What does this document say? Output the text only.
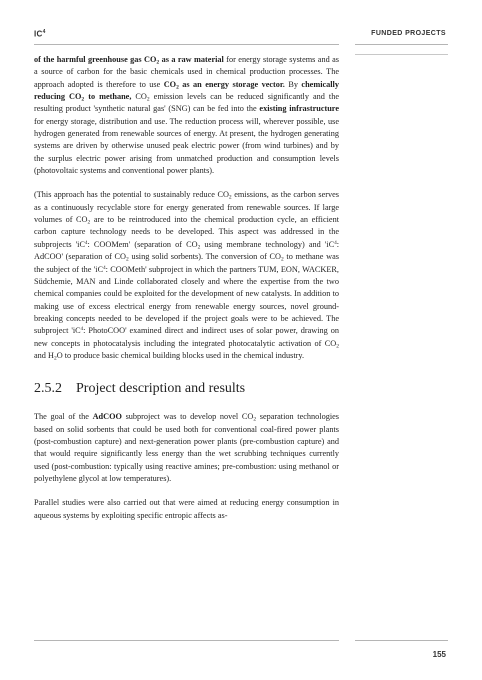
$IC^4$	FUNDED PROJECTS

of the harmful greenhouse gas $CO_2$ as a raw material for energy storage systems and as a source of carbon for the basic chemicals used in chemical production processes. The approach adopted is therefore to use $CO_2$ as an energy storage vector. By chemically reducing $CO_2$ to methane, $CO_2$ emission levels can be reduced significantly and the resulting product 'synthetic natural gas' (SNG) can be fed into the existing infrastructure for energy storage, distribution and use. The reduction process will, wherever possible, use hydrogen generated from renewable sources of energy. At present, the hydrogen generating systems are driven by otherwise unused peak electric power (from wind turbines) and by the surplus electric power arising from unmatched production and consumption levels (photovoltaic systems and conventional power plants).

(This approach has the potential to sustainably reduce $CO_2$ emissions, as the carbon serves as a continuously recyclable store for energy generated from renewable sources. If large volumes of $CO_2$ are to be reintroduced into the chemical production cycle, an efficient carbon capture technology needs to be developed. This aspect was addressed in the subprojects '$iC^4$: COOMem' (separation of $CO_2$ using membrane technology) and '$iC^4$: AdCOO' (separation of $CO_2$ using solid sorbents). The conversion of $CO_2$ to methane was the subject of the '$iC^4$: COOMeth' subproject in which the partners TUM, EON, WACKER, Südchemie, MAN and Linde collaborated closely and where the expertise from the two chemical companies could be exploited for the development of new catalysts. In addition to making use of excess electrical energy from renewable energy sources, novel ground-breaking concepts needed to be developed if the project goals were to be achieved. The subproject '$iC^4$: PhotoCOO' examined direct and indirect uses of solar power, drawing on new concepts in photocatalysis including the integrated photocatalytic activation of $CO_2$ and $H_2O$ to produce basic chemical building blocks used in the chemical industry.

2.5.2	Project description and results

The goal of the AdCOO subproject was to develop novel $CO_2$ separation technologies based on solid sorbents that could be used both for conventional coal-fired power plants (post-combustion capture) and next-generation power plants (pre-combustion capture) and that would require significantly less energy than the wet scrubbing techniques currently used (post-combustion: typically using reactive amines; pre-combustion: using methanol or polyethylene glycol at low temperatures).

Parallel studies were also carried out that were aimed at reducing energy consumption in aqueous systems by exploiting specific entropic affects as-

155
